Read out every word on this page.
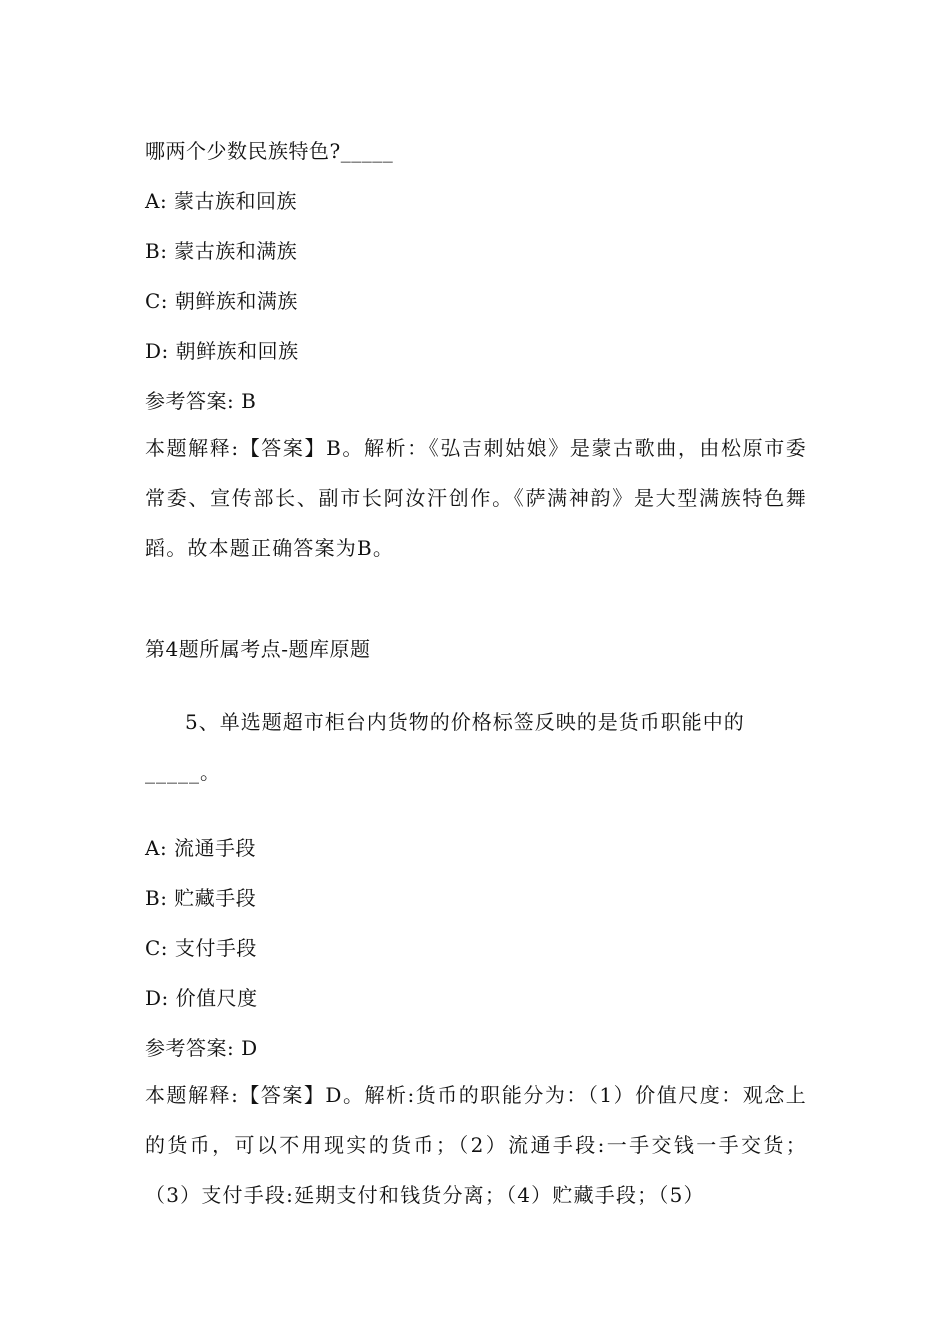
哪两个少数民族特色?_____
A: 蒙古族和回族
B: 蒙古族和满族
C: 朝鲜族和满族
D: 朝鲜族和回族
参考答案: B
本题解释:【答案】B。解析：《弘吉刺姑娘》是蒙古歌曲，由松原市委常委、宣传部长、副市长阿汝汗创作。《萨满神韵》是大型满族特色舞蹈。故本题正确答案为B。
第4题所属考点-题库原题
5、单选题超市柜台内货物的价格标签反映的是货币职能中的_____。
A: 流通手段
B: 贮藏手段
C: 支付手段
D: 价值尺度
参考答案: D
本题解释:【答案】D。解析:货币的职能分为：（1）价值尺度：观念上的货币，可以不用现实的货币；（2）流通手段:一手交钱一手交货；（3）支付手段:延期支付和钱货分离；（4）贮藏手段；（5）
